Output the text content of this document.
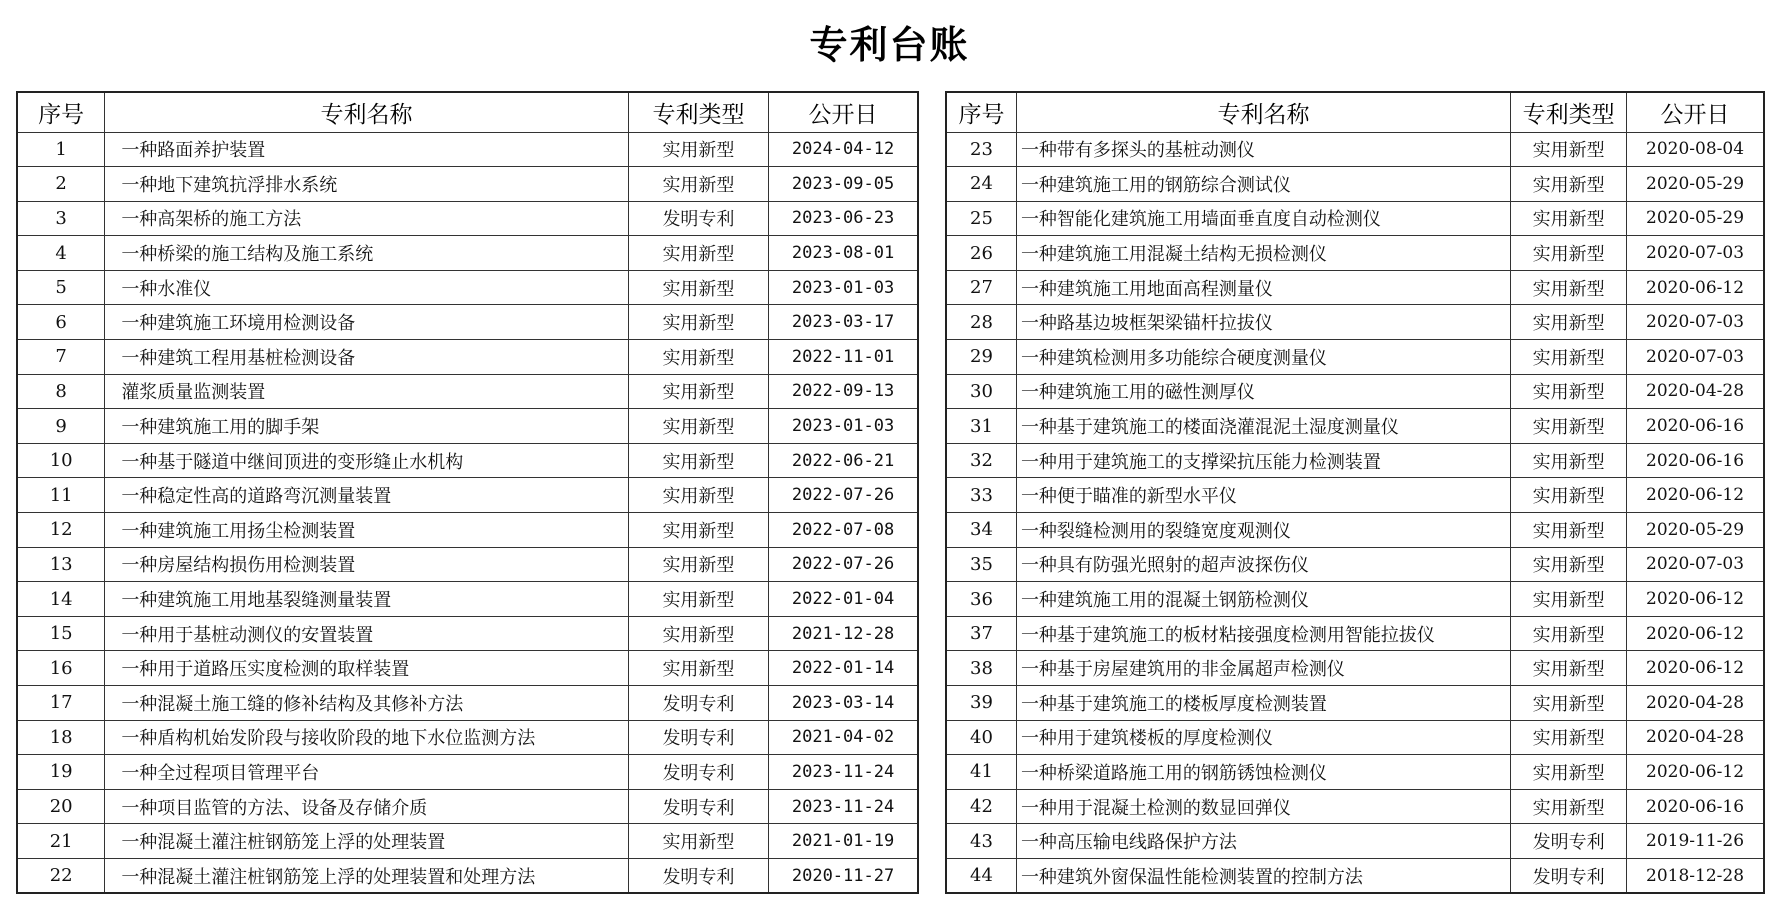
专利台账
序号	专利名称	专利类型	公开日
1	一种路面养护装置	实用新型	2024-04-12
2	一种地下建筑抗浮排水系统	实用新型	2023-09-05
3	一种高架桥的施工方法	发明专利	2023-06-23
4	一种桥梁的施工结构及施工系统	实用新型	2023-08-01
5	一种水准仪	实用新型	2023-01-03
6	一种建筑施工环境用检测设备	实用新型	2023-03-17
7	一种建筑工程用基桩检测设备	实用新型	2022-11-01
8	灌浆质量监测装置	实用新型	2022-09-13
9	一种建筑施工用的脚手架	实用新型	2023-01-03
10	一种基于隧道中继间顶进的变形缝止水机构	实用新型	2022-06-21
11	一种稳定性高的道路弯沉测量装置	实用新型	2022-07-26
12	一种建筑施工用扬尘检测装置	实用新型	2022-07-08
13	一种房屋结构损伤用检测装置	实用新型	2022-07-26
14	一种建筑施工用地基裂缝测量装置	实用新型	2022-01-04
15	一种用于基桩动测仪的安置装置	实用新型	2021-12-28
16	一种用于道路压实度检测的取样装置	实用新型	2022-01-14
17	一种混凝土施工缝的修补结构及其修补方法	发明专利	2023-03-14
18	一种盾构机始发阶段与接收阶段的地下水位监测方法	发明专利	2021-04-02
19	一种全过程项目管理平台	发明专利	2023-11-24
20	一种项目监管的方法、设备及存储介质	发明专利	2023-11-24
21	一种混凝土灌注桩钢筋笼上浮的处理装置	实用新型	2021-01-19
22	一种混凝土灌注桩钢筋笼上浮的处理装置和处理方法	发明专利	2020-11-27
序号	专利名称	专利类型	公开日
23	一种带有多探头的基桩动测仪	实用新型	2020-08-04
24	一种建筑施工用的钢筋综合测试仪	实用新型	2020-05-29
25	一种智能化建筑施工用墙面垂直度自动检测仪	实用新型	2020-05-29
26	一种建筑施工用混凝土结构无损检测仪	实用新型	2020-07-03
27	一种建筑施工用地面高程测量仪	实用新型	2020-06-12
28	一种路基边坡框架梁锚杆拉拔仪	实用新型	2020-07-03
29	一种建筑检测用多功能综合硬度测量仪	实用新型	2020-07-03
30	一种建筑施工用的磁性测厚仪	实用新型	2020-04-28
31	一种基于建筑施工的楼面浇灌混泥土湿度测量仪	实用新型	2020-06-16
32	一种用于建筑施工的支撑梁抗压能力检测装置	实用新型	2020-06-16
33	一种便于瞄准的新型水平仪	实用新型	2020-06-12
34	一种裂缝检测用的裂缝宽度观测仪	实用新型	2020-05-29
35	一种具有防强光照射的超声波探伤仪	实用新型	2020-07-03
36	一种建筑施工用的混凝土钢筋检测仪	实用新型	2020-06-12
37	一种基于建筑施工的板材粘接强度检测用智能拉拔仪	实用新型	2020-06-12
38	一种基于房屋建筑用的非金属超声检测仪	实用新型	2020-06-12
39	一种基于建筑施工的楼板厚度检测装置	实用新型	2020-04-28
40	一种用于建筑楼板的厚度检测仪	实用新型	2020-04-28
41	一种桥梁道路施工用的钢筋锈蚀检测仪	实用新型	2020-06-12
42	一种用于混凝土检测的数显回弹仪	实用新型	2020-06-16
43	一种高压输电线路保护方法	发明专利	2019-11-26
44	一种建筑外窗保温性能检测装置的控制方法	发明专利	2018-12-28
